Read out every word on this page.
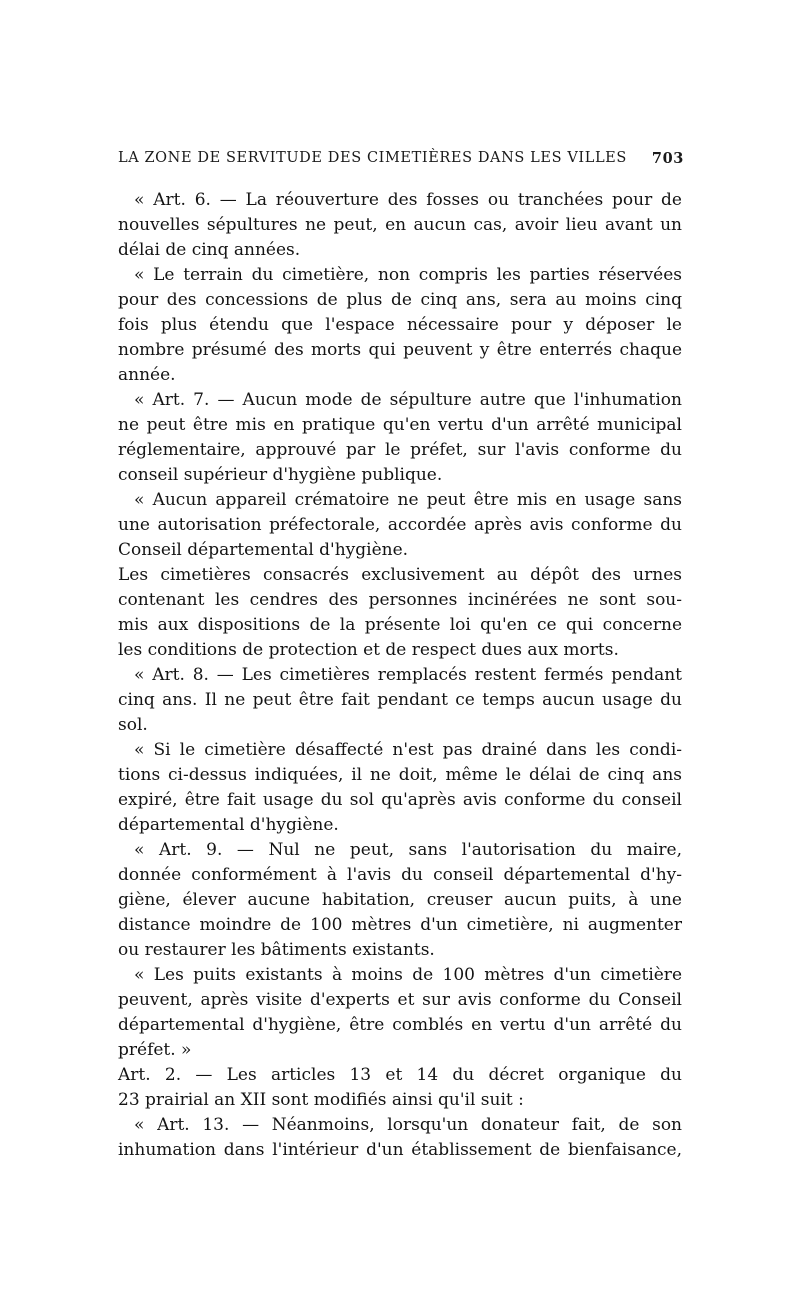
LA ZONE DE SERVITUDE DES CIMETIÈRES DANS LES VILLES 703
« Art. 6. — La réouverture des fosses ou tranchées pour de
nouvelles sépultures ne peut, en aucun cas, avoir lieu avant un
délai de cinq années.
« Le terrain du cimetière, non compris les parties réservées
pour des concessions de plus de cinq ans, sera au moins cinq
fois plus étendu que l'espace nécessaire pour y déposer le
nombre présumé des morts qui peuvent y être enterrés chaque
année.
« Art. 7. — Aucun mode de sépulture autre que l'inhumation
ne peut être mis en pratique qu'en vertu d'un arrêté municipal
réglementaire, approuvé par le préfet, sur l'avis conforme du
conseil supérieur d'hygiène publique.
« Aucun appareil crématoire ne peut être mis en usage sans
une autorisation préfectorale, accordée après avis conforme du
Conseil départemental d'hygiène.
Les cimetières consacrés exclusivement au dépôt des urnes
contenant les cendres des personnes incinérées ne sont sou-
mis aux dispositions de la présente loi qu'en ce qui concerne
les conditions de protection et de respect dues aux morts.
« Art. 8. — Les cimetières remplacés restent fermés pendant
cinq ans. Il ne peut être fait pendant ce temps aucun usage du
sol.
« Si le cimetière désaffecté n'est pas drainé dans les condi-
tions ci-dessus indiquées, il ne doit, même le délai de cinq ans
expiré, être fait usage du sol qu'après avis conforme du conseil
départemental d'hygiène.
« Art. 9. — Nul ne peut, sans l'autorisation du maire,
donnée conformément à l'avis du conseil départemental d'hy-
giène, élever aucune habitation, creuser aucun puits, à une
distance moindre de 100 mètres d'un cimetière, ni augmenter
ou restaurer les bâtiments existants.
« Les puits existants à moins de 100 mètres d'un cimetière
peuvent, après visite d'experts et sur avis conforme du Conseil
départemental d'hygiène, être comblés en vertu d'un arrêté du
préfet. »
Art. 2. — Les articles 13 et 14 du décret organique du
23 prairial an XII sont modifiés ainsi qu'il suit :
« Art. 13. — Néanmoins, lorsqu'un donateur fait, de son
inhumation dans l'intérieur d'un établissement de bienfaisance,
